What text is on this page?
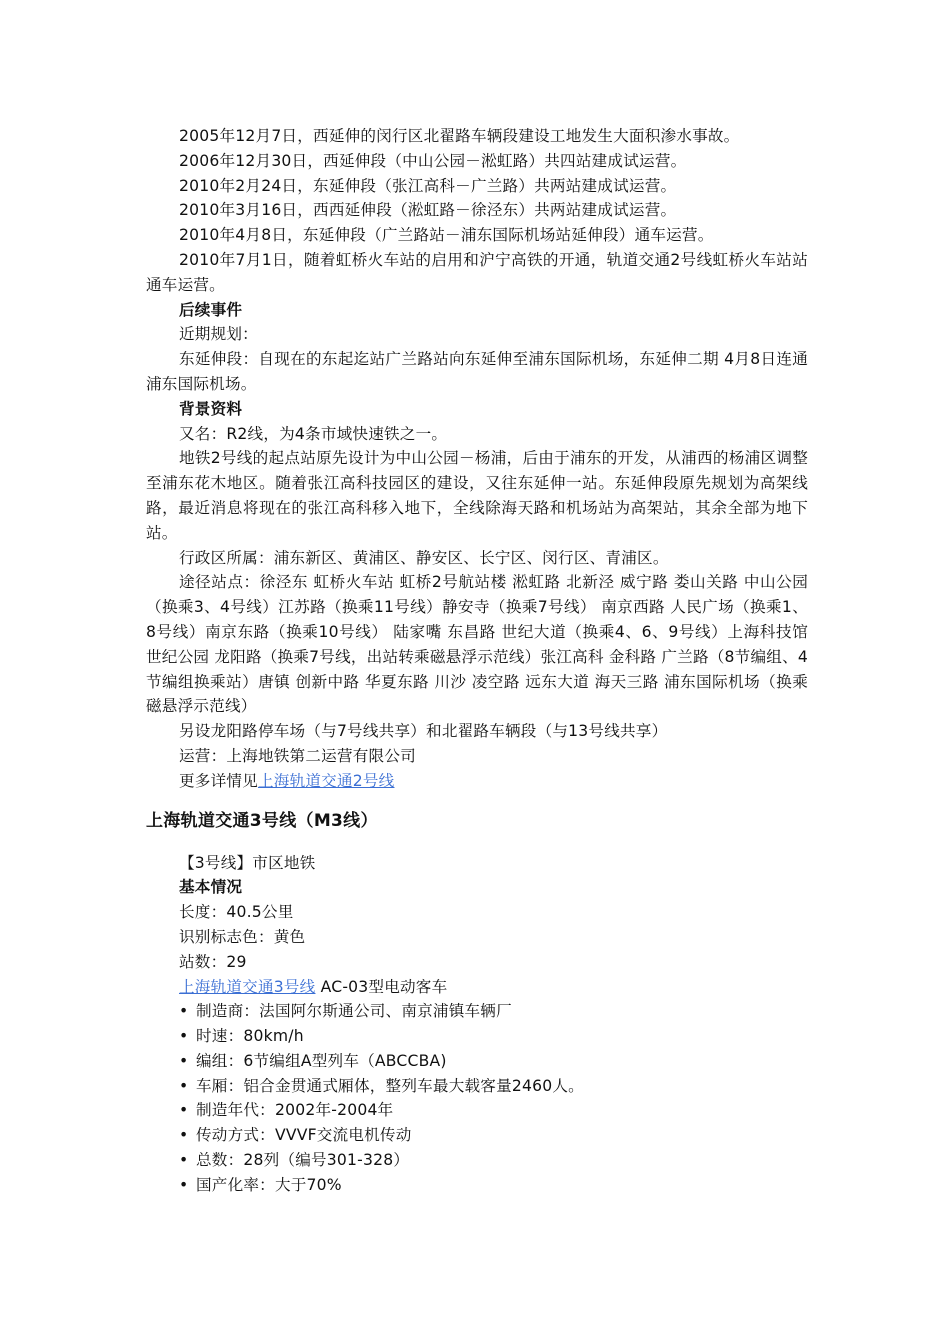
2005年12月7日，西延伸的闵行区北翟路车辆段建设工地发生大面积渗水事故。

2006年12月30日，西延伸段（中山公园－淞虹路）共四站建成试运营。

2010年2月24日，东延伸段（张江高科－广兰路）共两站建成试运营。

2010年3月16日，西西延伸段（淞虹路－徐泾东）共两站建成试运营。

2010年4月8日，东延伸段（广兰路站－浦东国际机场站延伸段）通车运营。

2010年7月1日，随着虹桥火车站的启用和沪宁高铁的开通，轨道交通2号线虹桥火车站站通车运营。

后续事件

近期规划：

东延伸段：自现在的东起迄站广兰路站向东延伸至浦东国际机场，东延伸二期 4月8日连通浦东国际机场。

背景资料

又名：R2线，为4条市域快速铁之一。

地铁2号线的起点站原先设计为中山公园－杨浦，后由于浦东的开发，从浦西的杨浦区调整至浦东花木地区。随着张江高科技园区的建设，又往东延伸一站。东延伸段原先规划为高架线路，最近消息将现在的张江高科移入地下，全线除海天路和机场站为高架站，其余全部为地下站。

行政区所属：浦东新区、黄浦区、静安区、长宁区、闵行区、青浦区。

途径站点：徐泾东 虹桥火车站 虹桥2号航站楼 淞虹路 北新泾 威宁路 娄山关路 中山公园 （换乘3、4号线）江苏路（换乘11号线）静安寺（换乘7号线） 南京西路 人民广场（换乘1、8号线）南京东路（换乘10号线） 陆家嘴 东昌路 世纪大道（换乘4、6、9号线）上海科技馆 世纪公园 龙阳路（换乘7号线，出站转乘磁悬浮示范线）张江高科 金科路 广兰路（8节编组、4节编组换乘站）唐镇 创新中路 华夏东路 川沙 凌空路 远东大道 海天三路 浦东国际机场（换乘磁悬浮示范线）

另设龙阳路停车场（与7号线共享）和北翟路车辆段（与13号线共享）

运营：上海地铁第二运营有限公司

更多详情见上海轨道交通2号线

上海轨道交通3号线（M3线）

【3号线】市区地铁

基本情况

长度：40.5公里

识别标志色：黄色

站数：29

上海轨道交通3号线 AC-03型电动客车

• 制造商：法国阿尔斯通公司、南京浦镇车辆厂
• 时速：80km/h
• 编组：6节编组A型列车（ABCCBA)
• 车厢：铝合金贯通式厢体，整列车最大载客量2460人。
• 制造年代：2002年-2004年
• 传动方式：VVVF交流电机传动
• 总数：28列（编号301-328）
• 国产化率：大于70%
